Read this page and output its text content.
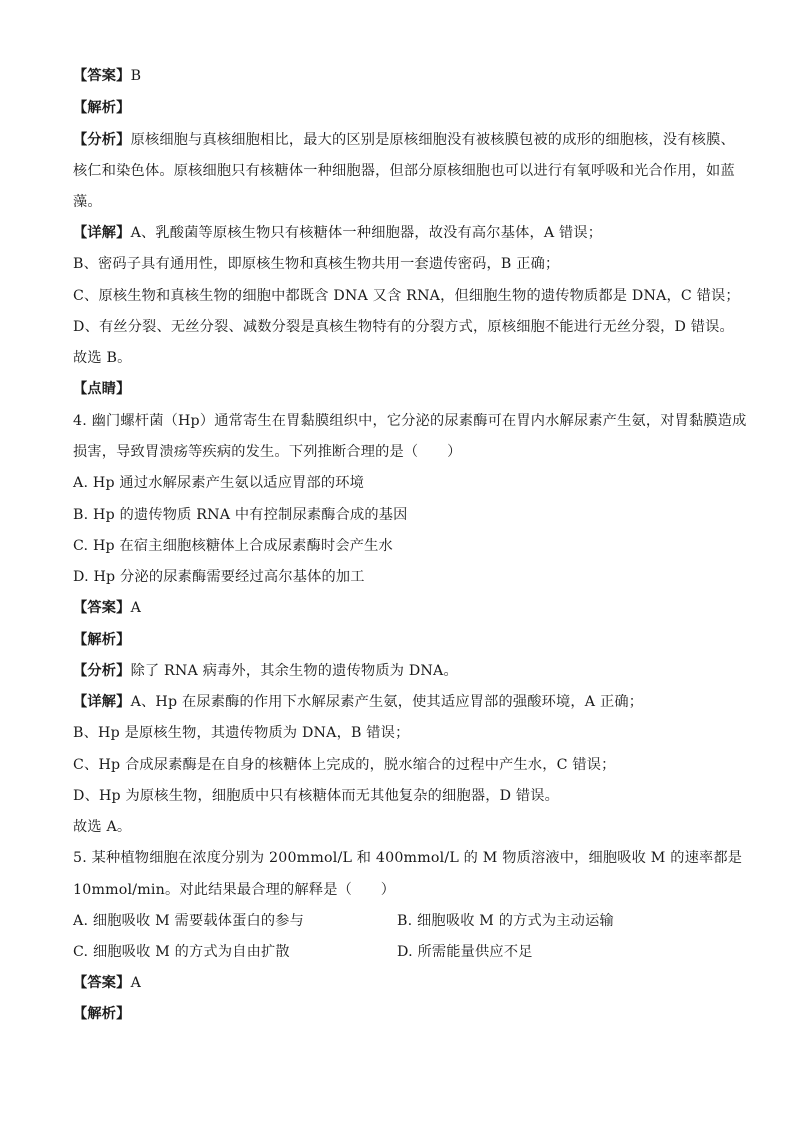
【答案】B
【解析】
【分析】原核细胞与真核细胞相比，最大的区别是原核细胞没有被核膜包被的成形的细胞核，没有核膜、
核仁和染色体。原核细胞只有核糖体一种细胞器，但部分原核细胞也可以进行有氧呼吸和光合作用，如蓝
藻。
【详解】A、乳酸菌等原核生物只有核糖体一种细胞器，故没有高尔基体，A 错误；
B、密码子具有通用性，即原核生物和真核生物共用一套遗传密码，B 正确；
C、原核生物和真核生物的细胞中都既含 DNA 又含 RNA，但细胞生物的遗传物质都是 DNA，C 错误；
D、有丝分裂、无丝分裂、减数分裂是真核生物特有的分裂方式，原核细胞不能进行无丝分裂，D 错误。
故选 B。
【点睛】
4. 幽门螺杆菌（Hp）通常寄生在胃黏膜组织中，它分泌的尿素酶可在胃内水解尿素产生氨，对胃黏膜造成
损害，导致胃溃疡等疾病的发生。下列推断合理的是（　　）
A. Hp 通过水解尿素产生氨以适应胃部的环境
B. Hp 的遗传物质 RNA 中有控制尿素酶合成的基因
C. Hp 在宿主细胞核糖体上合成尿素酶时会产生水
D. Hp 分泌的尿素酶需要经过高尔基体的加工
【答案】A
【解析】
【分析】除了 RNA 病毒外，其余生物的遗传物质为 DNA。
【详解】A、Hp 在尿素酶的作用下水解尿素产生氨，使其适应胃部的强酸环境，A 正确；
B、Hp 是原核生物，其遗传物质为 DNA，B 错误；
C、Hp 合成尿素酶是在自身的核糖体上完成的，脱水缩合的过程中产生水，C 错误；
D、Hp 为原核生物，细胞质中只有核糖体而无其他复杂的细胞器，D 错误。
故选 A。
5. 某种植物细胞在浓度分别为 200mmol/L 和 400mmol/L 的 M 物质溶液中，细胞吸收 M 的速率都是
10mmol/min。对此结果最合理的解释是（　　）
A. 细胞吸收 M 需要载体蛋白的参与	B. 细胞吸收 M 的方式为主动运输
C. 细胞吸收 M 的方式为自由扩散	D. 所需能量供应不足
【答案】A
【解析】
